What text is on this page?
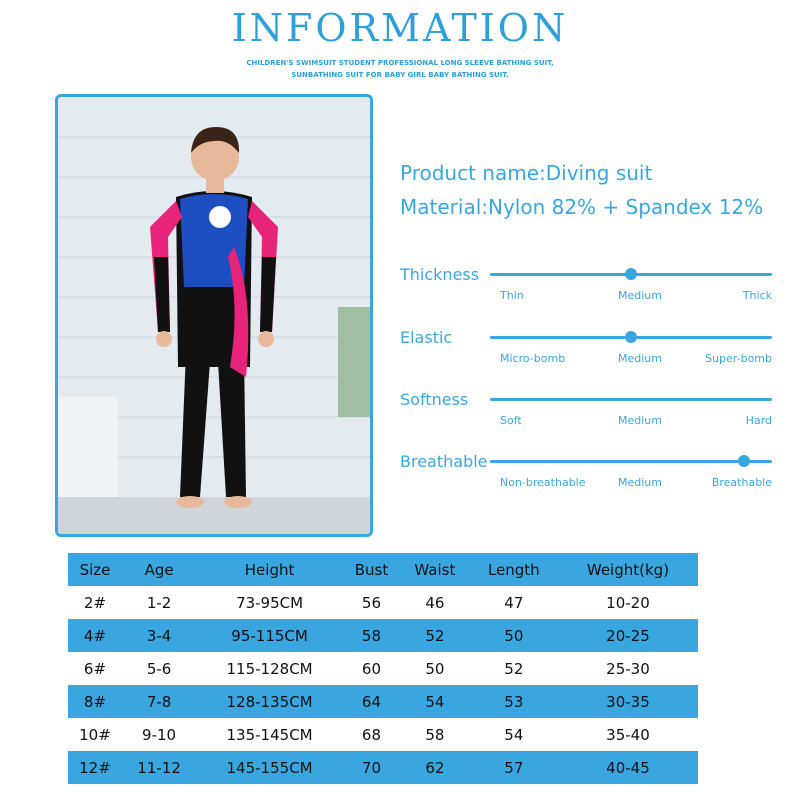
INFORMATION
CHILDREN'S SWIMSUIT STUDENT PROFESSIONAL LONG SLEEVE BATHING SUIT,
SUNBATHING SUIT FOR BABY GIRL BABY BATHING SUIT.
Product name:Diving suit
Material:Nylon 82% + Spandex 12%
Thickness
Thin	Medium	Thick
Elastic
Micro-bomb	Medium	Super-bomb
Softness
Soft	Medium	Hard
Breathable
Non-breathable	Medium	Breathable
Size	Age	Height	Bust	Waist	Length	Weight(kg)
2#	1-2	73-95CM	56	46	47	10-20
4#	3-4	95-115CM	58	52	50	20-25
6#	5-6	115-128CM	60	50	52	25-30
8#	7-8	128-135CM	64	54	53	30-35
10#	9-10	135-145CM	68	58	54	35-40
12#	11-12	145-155CM	70	62	57	40-45
